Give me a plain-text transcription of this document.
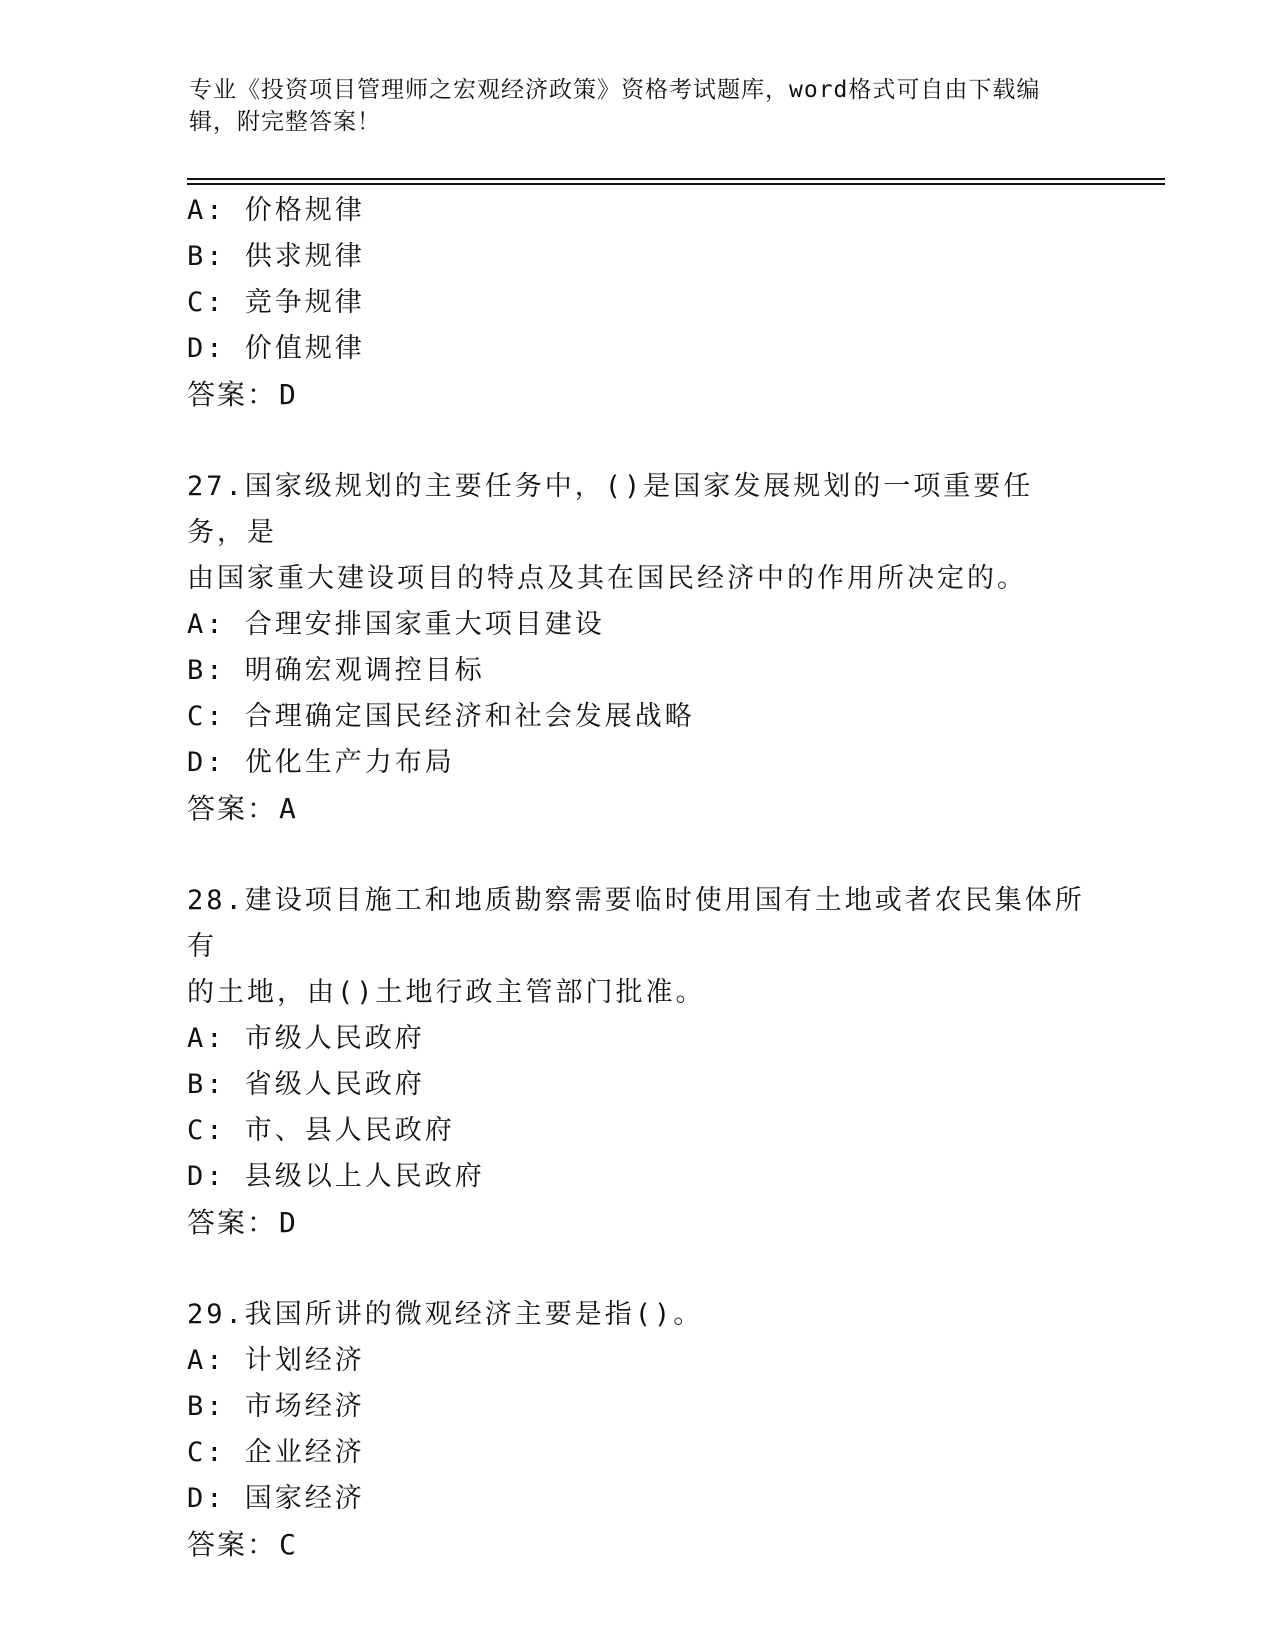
专业《投资项目管理师之宏观经济政策》资格考试题库，word格式可自由下载编
辑，附完整答案！
A: 价格规律
B: 供求规律
C: 竞争规律
D: 价值规律
答案：D
27.国家级规划的主要任务中，()是国家发展规划的一项重要任务，是
由国家重大建设项目的特点及其在国民经济中的作用所决定的。
A: 合理安排国家重大项目建设
B: 明确宏观调控目标
C: 合理确定国民经济和社会发展战略
D: 优化生产力布局
答案：A
28.建设项目施工和地质勘察需要临时使用国有土地或者农民集体所有
的土地，由()土地行政主管部门批准。
A: 市级人民政府
B: 省级人民政府
C: 市、县人民政府
D: 县级以上人民政府
答案：D
29.我国所讲的微观经济主要是指()。
A: 计划经济
B: 市场经济
C: 企业经济
D: 国家经济
答案：C
